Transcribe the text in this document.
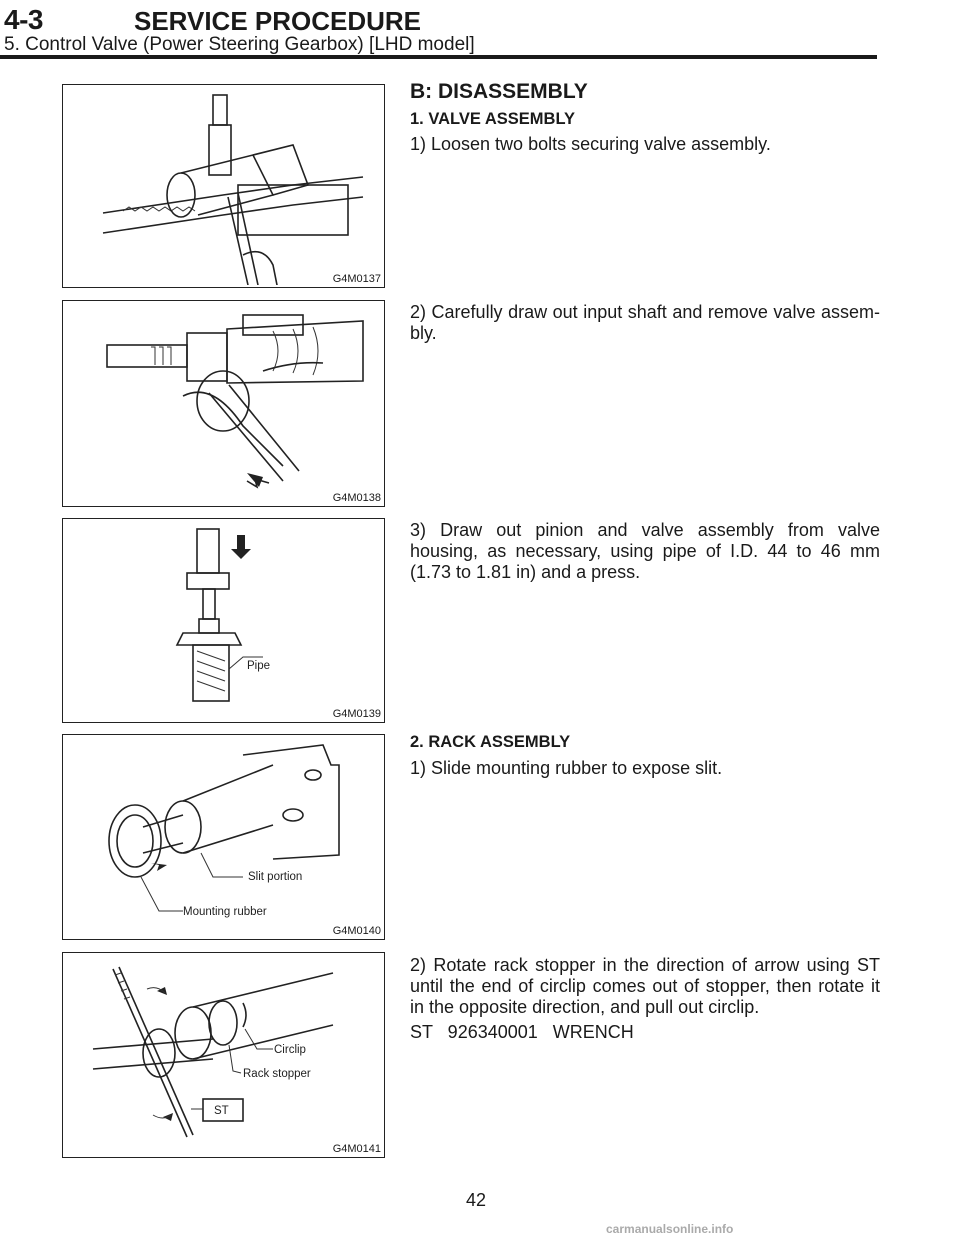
4-3	SERVICE PROCEDURE
5. Control Valve (Power Steering Gearbox) [LHD model]
G4M0137
B: DISASSEMBLY
1. VALVE ASSEMBLY
1) Loosen two bolts securing valve assembly.
G4M0138
2) Carefully draw out input shaft and remove valve assem-bly.
Pipe
G4M0139
3) Draw out pinion and valve assembly from valve housing, as necessary, using pipe of I.D. 44 to 46 mm (1.73 to 1.81 in) and a press.
Slit portion
Mounting rubber
G4M0140
2. RACK ASSEMBLY
1) Slide mounting rubber to expose slit.
Circlip
Rack stopper
ST
G4M0141
2) Rotate rack stopper in the direction of arrow using ST until the end of circlip comes out of stopper, then rotate it in the opposite direction, and pull out circlip.
ST   926340001   WRENCH
42
carmanualsonline.info
